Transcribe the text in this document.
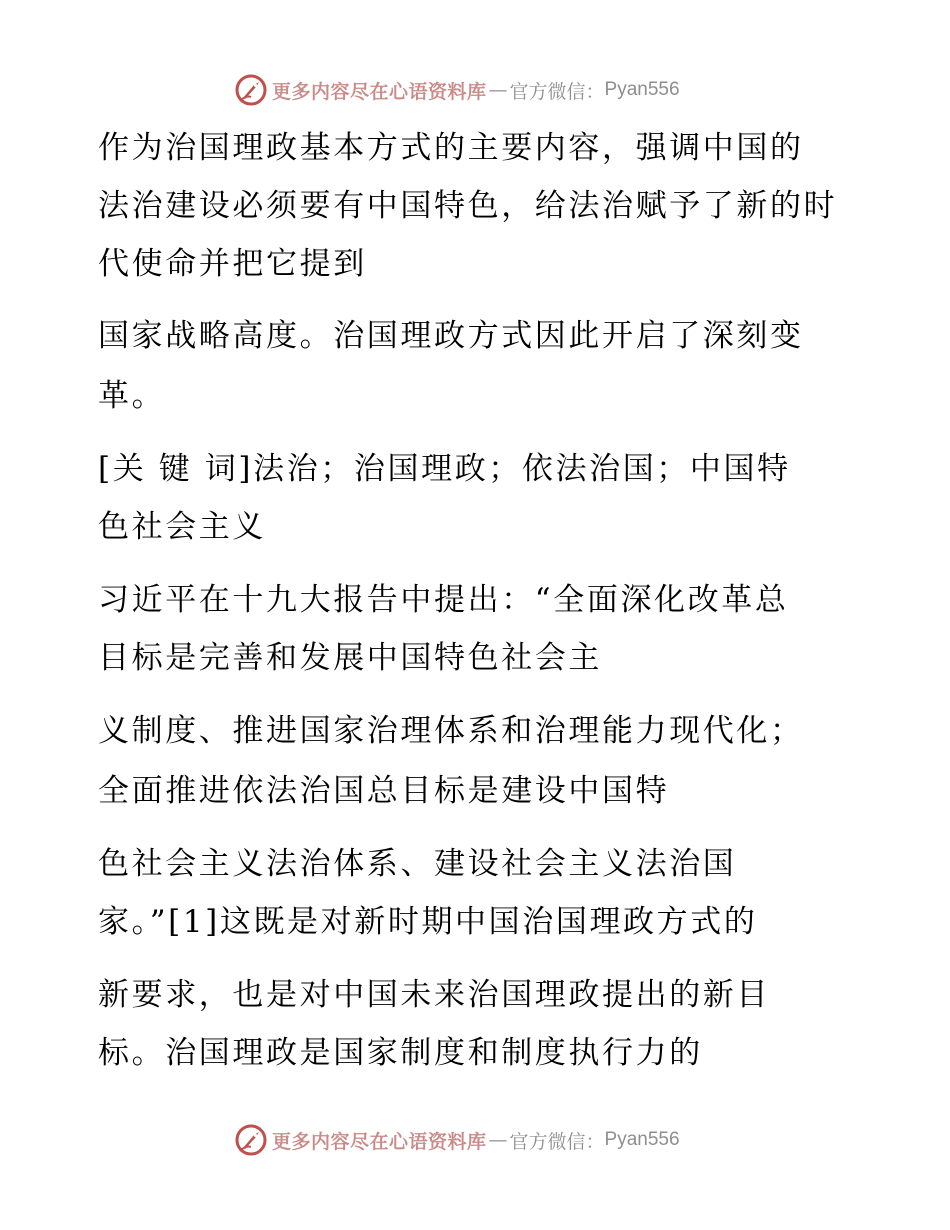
更多内容尽在心语资料库 — 官方微信： Pyan556
作为治国理政基本方式的主要内容，强调中国的
法治建设必须要有中国特色，给法治赋予了新的时
代使命并把它提到
国家战略高度。治国理政方式因此开启了深刻变
革。
[关 键 词]法治；治国理政；依法治国；中国特
色社会主义
习近平在十九大报告中提出：“全面深化改革总
目标是完善和发展中国特色社会主
义制度、推进国家治理体系和治理能力现代化；
全面推进依法治国总目标是建设中国特
色社会主义法治体系、建设社会主义法治国
家。”[1]这既是对新时期中国治国理政方式的
新要求，也是对中国未来治国理政提出的新目
标。治国理政是国家制度和制度执行力的
更多内容尽在心语资料库 — 官方微信： Pyan556
